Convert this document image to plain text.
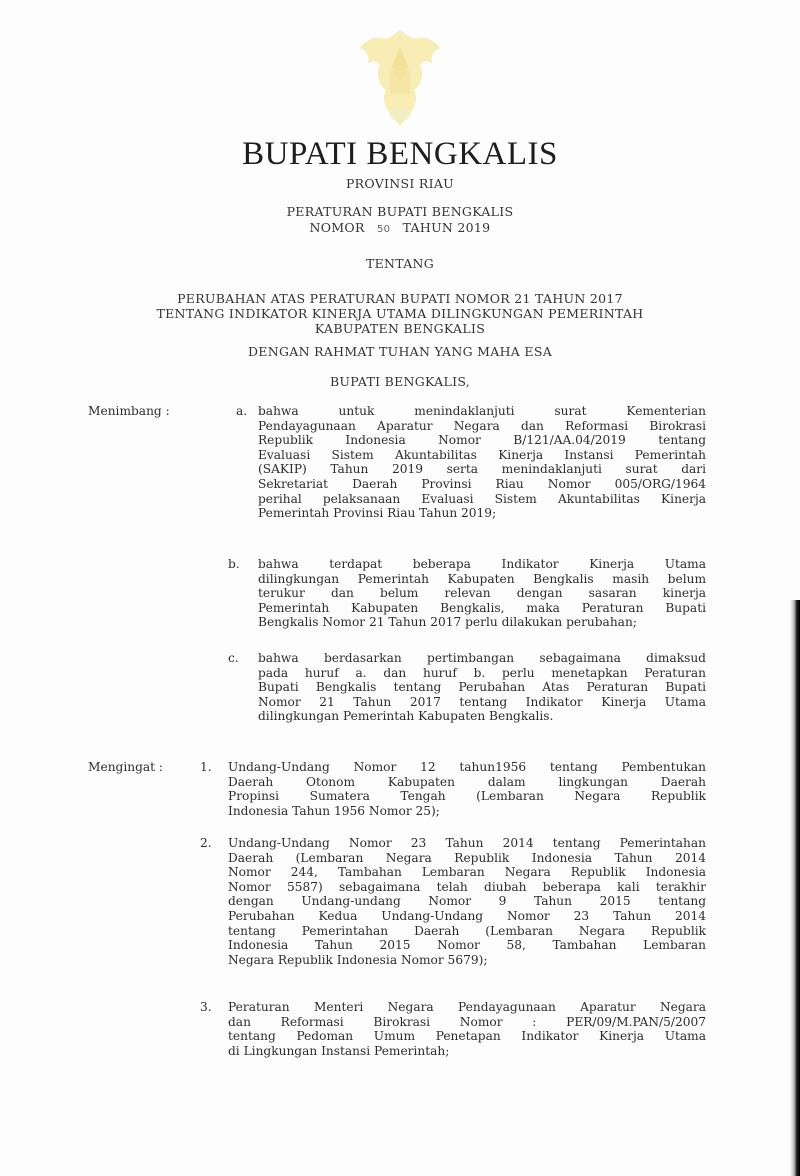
BUPATI BENGKALIS
PROVINSI RIAU
PERATURAN BUPATI BENGKALIS
NOMOR 50 TAHUN 2019
TENTANG
PERUBAHAN ATAS PERATURAN BUPATI NOMOR 21 TAHUN 2017
TENTANG INDIKATOR KINERJA UTAMA DILINGKUNGAN PEMERINTAH
KABUPATEN BENGKALIS
DENGAN RAHMAT TUHAN YANG MAHA ESA
BUPATI BENGKALIS,
Menimbang :	a. bahwa untuk menindaklanjuti surat Kementerian
Pendayagunaan Aparatur Negara dan Reformasi Birokrasi
Republik Indonesia Nomor B/121/AA.04/2019 tentang
Evaluasi Sistem Akuntabilitas Kinerja Instansi Pemerintah
(SAKIP) Tahun 2019 serta menindaklanjuti surat dari
Sekretariat Daerah Provinsi Riau Nomor 005/ORG/1964
perihal pelaksanaan Evaluasi Sistem Akuntabilitas Kinerja
Pemerintah Provinsi Riau Tahun 2019;
b. bahwa terdapat beberapa Indikator Kinerja Utama
dilingkungan Pemerintah Kabupaten Bengkalis masih belum
terukur dan belum relevan dengan sasaran kinerja
Pemerintah Kabupaten Bengkalis, maka Peraturan Bupati
Bengkalis Nomor 21 Tahun 2017 perlu dilakukan perubahan;
c. bahwa berdasarkan pertimbangan sebagaimana dimaksud
pada huruf a. dan huruf b. perlu menetapkan Peraturan
Bupati Bengkalis tentang Perubahan Atas Peraturan Bupati
Nomor 21 Tahun 2017 tentang Indikator Kinerja Utama
dilingkungan Pemerintah Kabupaten Bengkalis.
Mengingat :	1. Undang-Undang Nomor 12 tahun1956 tentang Pembentukan
Daerah Otonom Kabupaten dalam lingkungan Daerah
Propinsi Sumatera Tengah (Lembaran Negara Republik
Indonesia Tahun 1956 Nomor 25);
2. Undang-Undang Nomor 23 Tahun 2014 tentang Pemerintahan
Daerah (Lembaran Negara Republik Indonesia Tahun 2014
Nomor 244, Tambahan Lembaran Negara Republik Indonesia
Nomor 5587) sebagaimana telah diubah beberapa kali terakhir
dengan Undang-undang Nomor 9 Tahun 2015 tentang
Perubahan Kedua Undang-Undang Nomor 23 Tahun 2014
tentang Pemerintahan Daerah (Lembaran Negara Republik
Indonesia Tahun 2015 Nomor 58, Tambahan Lembaran
Negara Republik Indonesia Nomor 5679);
3. Peraturan Menteri Negara Pendayagunaan Aparatur Negara
dan Reformasi Birokrasi Nomor : PER/09/M.PAN/5/2007
tentang Pedoman Umum Penetapan Indikator Kinerja Utama
di Lingkungan Instansi Pemerintah;
